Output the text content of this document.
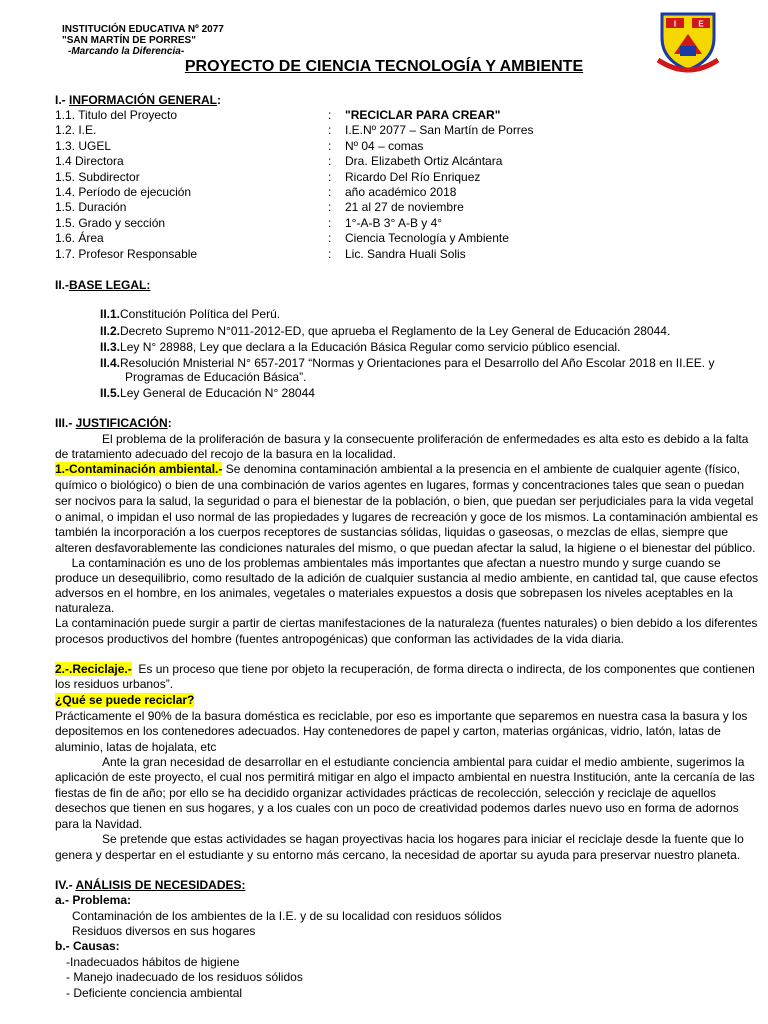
INSTITUCIÓN EDUCATIVA Nº 2077
"SAN MARTÍN DE PORRES"
-Marcando la Diferencia-
I	E
PROYECTO DE CIENCIA TECNOLOGÍA Y AMBIENTE
I.- INFORMACIÓN GENERAL:
1.1. Titulo del Proyecto	: "RECICLAR PARA CREAR"
1.2. I.E.	: I.E.Nº 2077 – San Martín de Porres
1.3. UGEL	: Nº 04 – comas
1.4 Directora	: Dra. Elizabeth Ortiz Alcántara
1.5. Subdirector	: Ricardo Del Río Enriquez
1.4. Período de ejecución	: año académico 2018
1.5. Duración	: 21 al 27 de noviembre
1.5. Grado y sección	: 1°-A-B 3° A-B y 4°
1.6. Área	: Ciencia Tecnología y Ambiente
1.7. Profesor Responsable	: Lic. Sandra Huali Solis
II.-BASE LEGAL:
II.1.Constitución Política del Perú.
II.2.Decreto Supremo N°011-2012-ED, que aprueba el Reglamento de la Ley General de Educación 28044.
II.3.Ley N° 28988, Ley que declara a la Educación Básica Regular como servicio público esencial.
II.4.Resolución Mnisterial N° 657-2017 “Normas y Orientaciones para el Desarrollo del Año Escolar 2018 en II.EE. y
Programas de Educación Básica”.
II.5.Ley General de Educación N° 28044
III.- JUSTIFICACIÓN:
El problema de la proliferación de basura y la consecuente proliferación de enfermedades es alta esto es debido a la falta
de tratamiento adecuado del recojo de la basura en la localidad.
1.-Contaminación ambiental.- Se denomina contaminación ambiental a la presencia en el ambiente de cualquier agente (físico,
químico o biológico) o bien de una combinación de varios agentes en lugares, formas y concentraciones tales que sean o puedan
ser nocivos para la salud, la seguridad o para el bienestar de la población, o bien, que puedan ser perjudiciales para la vida vegetal
o animal, o impidan el uso normal de las propiedades y lugares de recreación y goce de los mismos. La contaminación ambiental es
también la incorporación a los cuerpos receptores de sustancias sólidas, liquidas o gaseosas, o mezclas de ellas, siempre que
alteren desfavorablemente las condiciones naturales del mismo, o que puedan afectar la salud, la higiene o el bienestar del público.
La contaminación es uno de los problemas ambientales más importantes que afectan a nuestro mundo y surge cuando se
produce un desequilibrio, como resultado de la adición de cualquier sustancia al medio ambiente, en cantidad tal, que cause efectos
adversos en el hombre, en los animales, vegetales o materiales expuestos a dosis que sobrepasen los niveles aceptables en la
naturaleza.
La contaminación puede surgir a partir de ciertas manifestaciones de la naturaleza (fuentes naturales) o bien debido a los diferentes
procesos productivos del hombre (fuentes antropogénicas) que conforman las actividades de la vida diaria.
2.-.Reciclaje.-  Es un proceso que tiene por objeto la recuperación, de forma directa o indirecta, de los componentes que contienen
los residuos urbanos”.
¿Qué se puede reciclar?
Prácticamente el 90% de la basura doméstica es reciclable, por eso es importante que separemos en nuestra casa la basura y los
depositemos en los contenedores adecuados. Hay contenedores de papel y carton, materias orgánicas, vidrio, latón, latas de
aluminio, latas de hojalata, etc
Ante la gran necesidad de desarrollar en el estudiante conciencia ambiental para cuidar el medio ambiente, sugerimos la
aplicación de este proyecto, el cual nos permitirá mitigar en algo el impacto ambiental en nuestra Institución, ante la cercanía de las
fiestas de fin de año; por ello se ha decidido organizar actividades prácticas de recolección, selección y reciclaje de aquellos
desechos que tienen en sus hogares, y a los cuales con un poco de creatividad podemos darles nuevo uso en forma de adornos
para la Navidad.
Se pretende que estas actividades se hagan proyectivas hacia los hogares para iniciar el reciclaje desde la fuente que lo
genera y despertar en el estudiante y su entorno más cercano, la necesidad de aportar su ayuda para preservar nuestro planeta.
IV.- ANÁLISIS DE NECESIDADES:
a.- Problema:
Contaminación de los ambientes de la I.E. y de su localidad con residuos sólidos
Residuos diversos en sus hogares
b.- Causas:
-Inadecuados hábitos de higiene
- Manejo inadecuado de los residuos sólidos
- Deficiente conciencia ambiental
